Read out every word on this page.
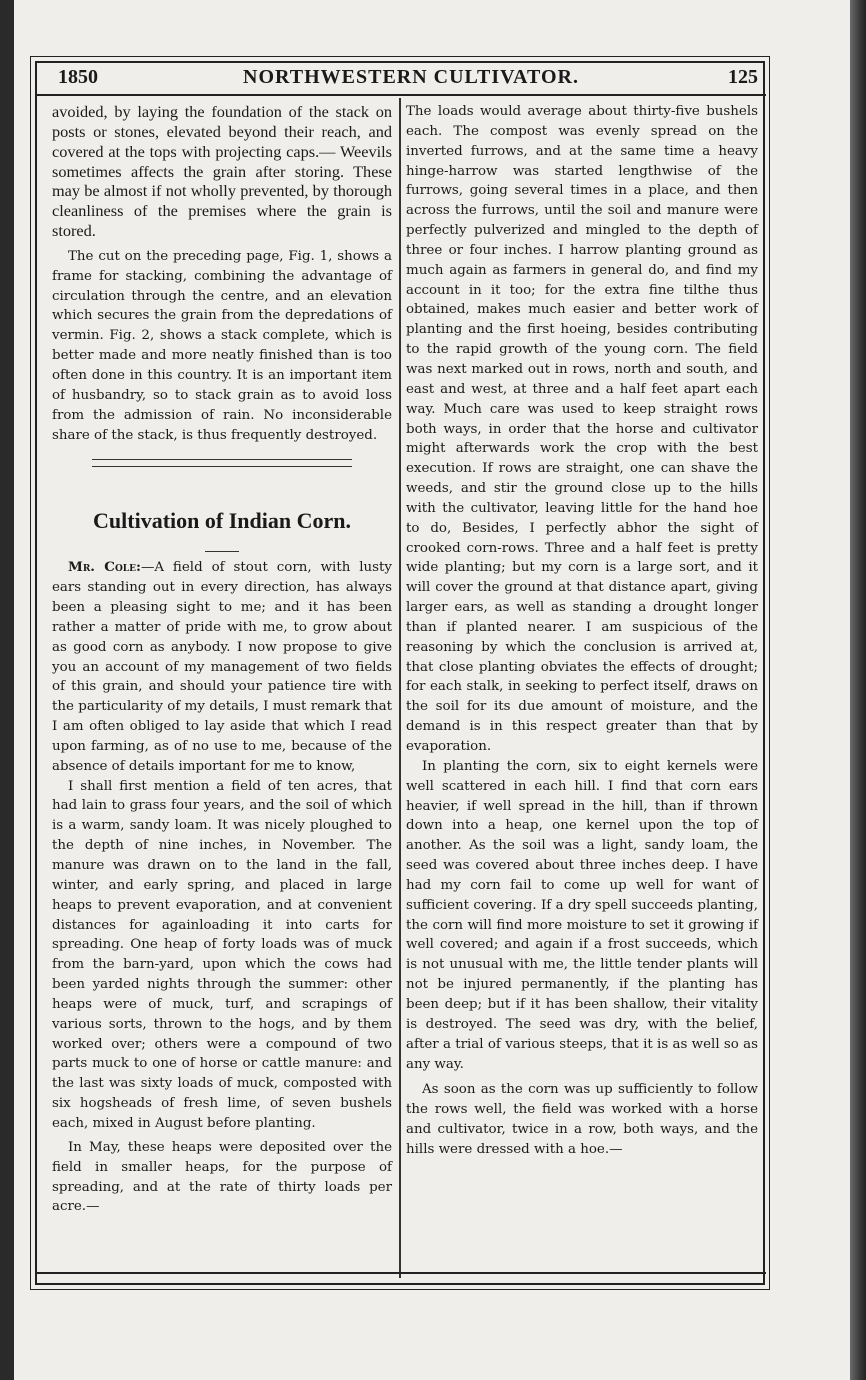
1850	NORTHWESTERN CULTIVATOR.	125

avoided, by laying the foundation of the stack on posts or stones, elevated beyond their reach, and covered at the tops with projecting caps.— Weevils sometimes affects the grain after storing. These may be almost if not wholly prevented, by thorough cleanliness of the premises where the grain is stored.

The cut on the preceding page, Fig. 1, shows a frame for stacking, combining the advantage of circulation through the centre, and an elevation which secures the grain from the depredations of vermin. Fig. 2, shows a stack complete, which is better made and more neatly finished than is too often done in this country. It is an important item of husbandry, so to stack grain as to avoid loss from the admission of rain. No inconsiderable share of the stack, is thus frequently destroyed.

Cultivation of Indian Corn.

Mr. Cole:—A field of stout corn, with lusty ears standing out in every direction, has always been a pleasing sight to me; and it has been rather a matter of pride with me, to grow about as good corn as anybody. I now propose to give you an account of my management of two fields of this grain, and should your patience tire with the particularity of my details, I must remark that I am often obliged to lay aside that which I read upon farming, as of no use to me, because of the absence of details important for me to know,

I shall first mention a field of ten acres, that had lain to grass four years, and the soil of which is a warm, sandy loam. It was nicely ploughed to the depth of nine inches, in November. The manure was drawn on to the land in the fall, winter, and early spring, and placed in large heaps to prevent evaporation, and at convenient distances for againloading it into carts for spreading. One heap of forty loads was of muck from the barn-yard, upon which the cows had been yarded nights through the summer: other heaps were of muck, turf, and scrapings of various sorts, thrown to the hogs, and by them worked over; others were a compound of two parts muck to one of horse or cattle manure: and the last was sixty loads of muck, composted with six hogsheads of fresh lime, of seven bushels each, mixed in August before planting.

In May, these heaps were deposited over the field in smaller heaps, for the purpose of spreading, and at the rate of thirty loads per acre.—

The loads would average about thirty-five bushels each. The compost was evenly spread on the inverted furrows, and at the same time a heavy hinge-harrow was started lengthwise of the furrows, going several times in a place, and then across the furrows, until the soil and manure were perfectly pulverized and mingled to the depth of three or four inches. I harrow planting ground as much again as farmers in general do, and find my account in it too; for the extra fine tilthe thus obtained, makes much easier and better work of planting and the first hoeing, besides contributing to the rapid growth of the young corn. The field was next marked out in rows, north and south, and east and west, at three and a half feet apart each way. Much care was used to keep straight rows both ways, in order that the horse and cultivator might afterwards work the crop with the best execution. If rows are straight, one can shave the weeds, and stir the ground close up to the hills with the cultivator, leaving little for the hand hoe to do, Besides, I perfectly abhor the sight of crooked corn-rows. Three and a half feet is pretty wide planting; but my corn is a large sort, and it will cover the ground at that distance apart, giving larger ears, as well as standing a drought longer than if planted nearer. I am suspicious of the reasoning by which the conclusion is arrived at, that close planting obviates the effects of drought; for each stalk, in seeking to perfect itself, draws on the soil for its due amount of moisture, and the demand is in this respect greater than that by evaporation.

In planting the corn, six to eight kernels were well scattered in each hill. I find that corn ears heavier, if well spread in the hill, than if thrown down into a heap, one kernel upon the top of another. As the soil was a light, sandy loam, the seed was covered about three inches deep. I have had my corn fail to come up well for want of sufficient covering. If a dry spell succeeds planting, the corn will find more moisture to set it growing if well covered; and again if a frost succeeds, which is not unusual with me, the little tender plants will not be injured permanently, if the planting has been deep; but if it has been shallow, their vitality is destroyed. The seed was dry, with the belief, after a trial of various steeps, that it is as well so as any way.

As soon as the corn was up sufficiently to follow the rows well, the field was worked with a horse and cultivator, twice in a row, both ways, and the hills were dressed with a hoe.—
